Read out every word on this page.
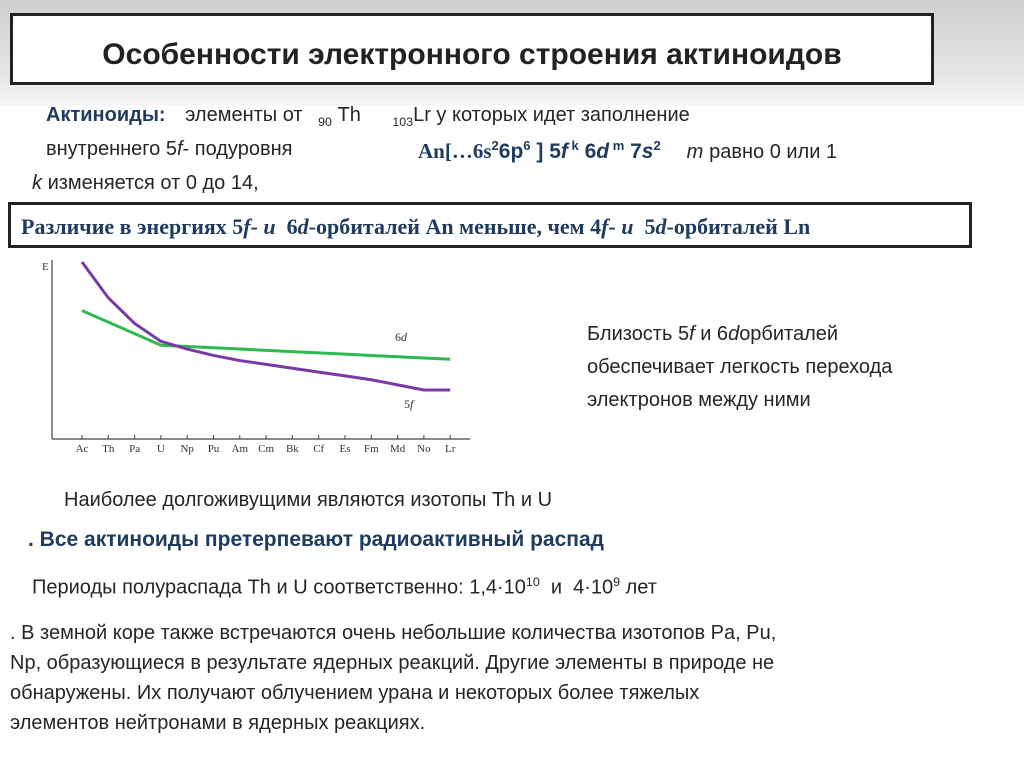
Особенности электронного строения актиноидов
Актиноиды: элементы от $_{90}$ Th	$_{103}$Lr у которых идет заполнение
внутреннего 5f- подуровня	$An[\dots 6s^26p^6$ ] 5f $^k$ 6d $^m$ $7s^2$ m равно 0 или 1
k изменяется от 0 до 14,
Различие в энергиях 5f- и 6d-орбиталей An меньше, чем 4f- и 5d-орбиталей Ln
E
Ac Th Pa U Np Pu Am Cm Bk Cf Es Fm Md No Lr
6d
5f
Близость 5f и 6dорбиталей
обеспечивает легкость перехода
электронов между ними
Наиболее долгоживущими являются изотопы Th и U
. Все актиноиды претерпевают радиоактивный распад
Периоды полураспада Th и U соответственно: $1,4\cdot 10^{10}$  и  $4\cdot 10^9$ лет
. В земной коре также встречаются очень небольшие количества изотопов Pa, Pu,
Np, образующиеся в результате ядерных реакций. Другие элементы в природе не
обнаружены. Их получают облучением урана и некоторых более тяжелых
элементов нейтронами в ядерных реакциях.
